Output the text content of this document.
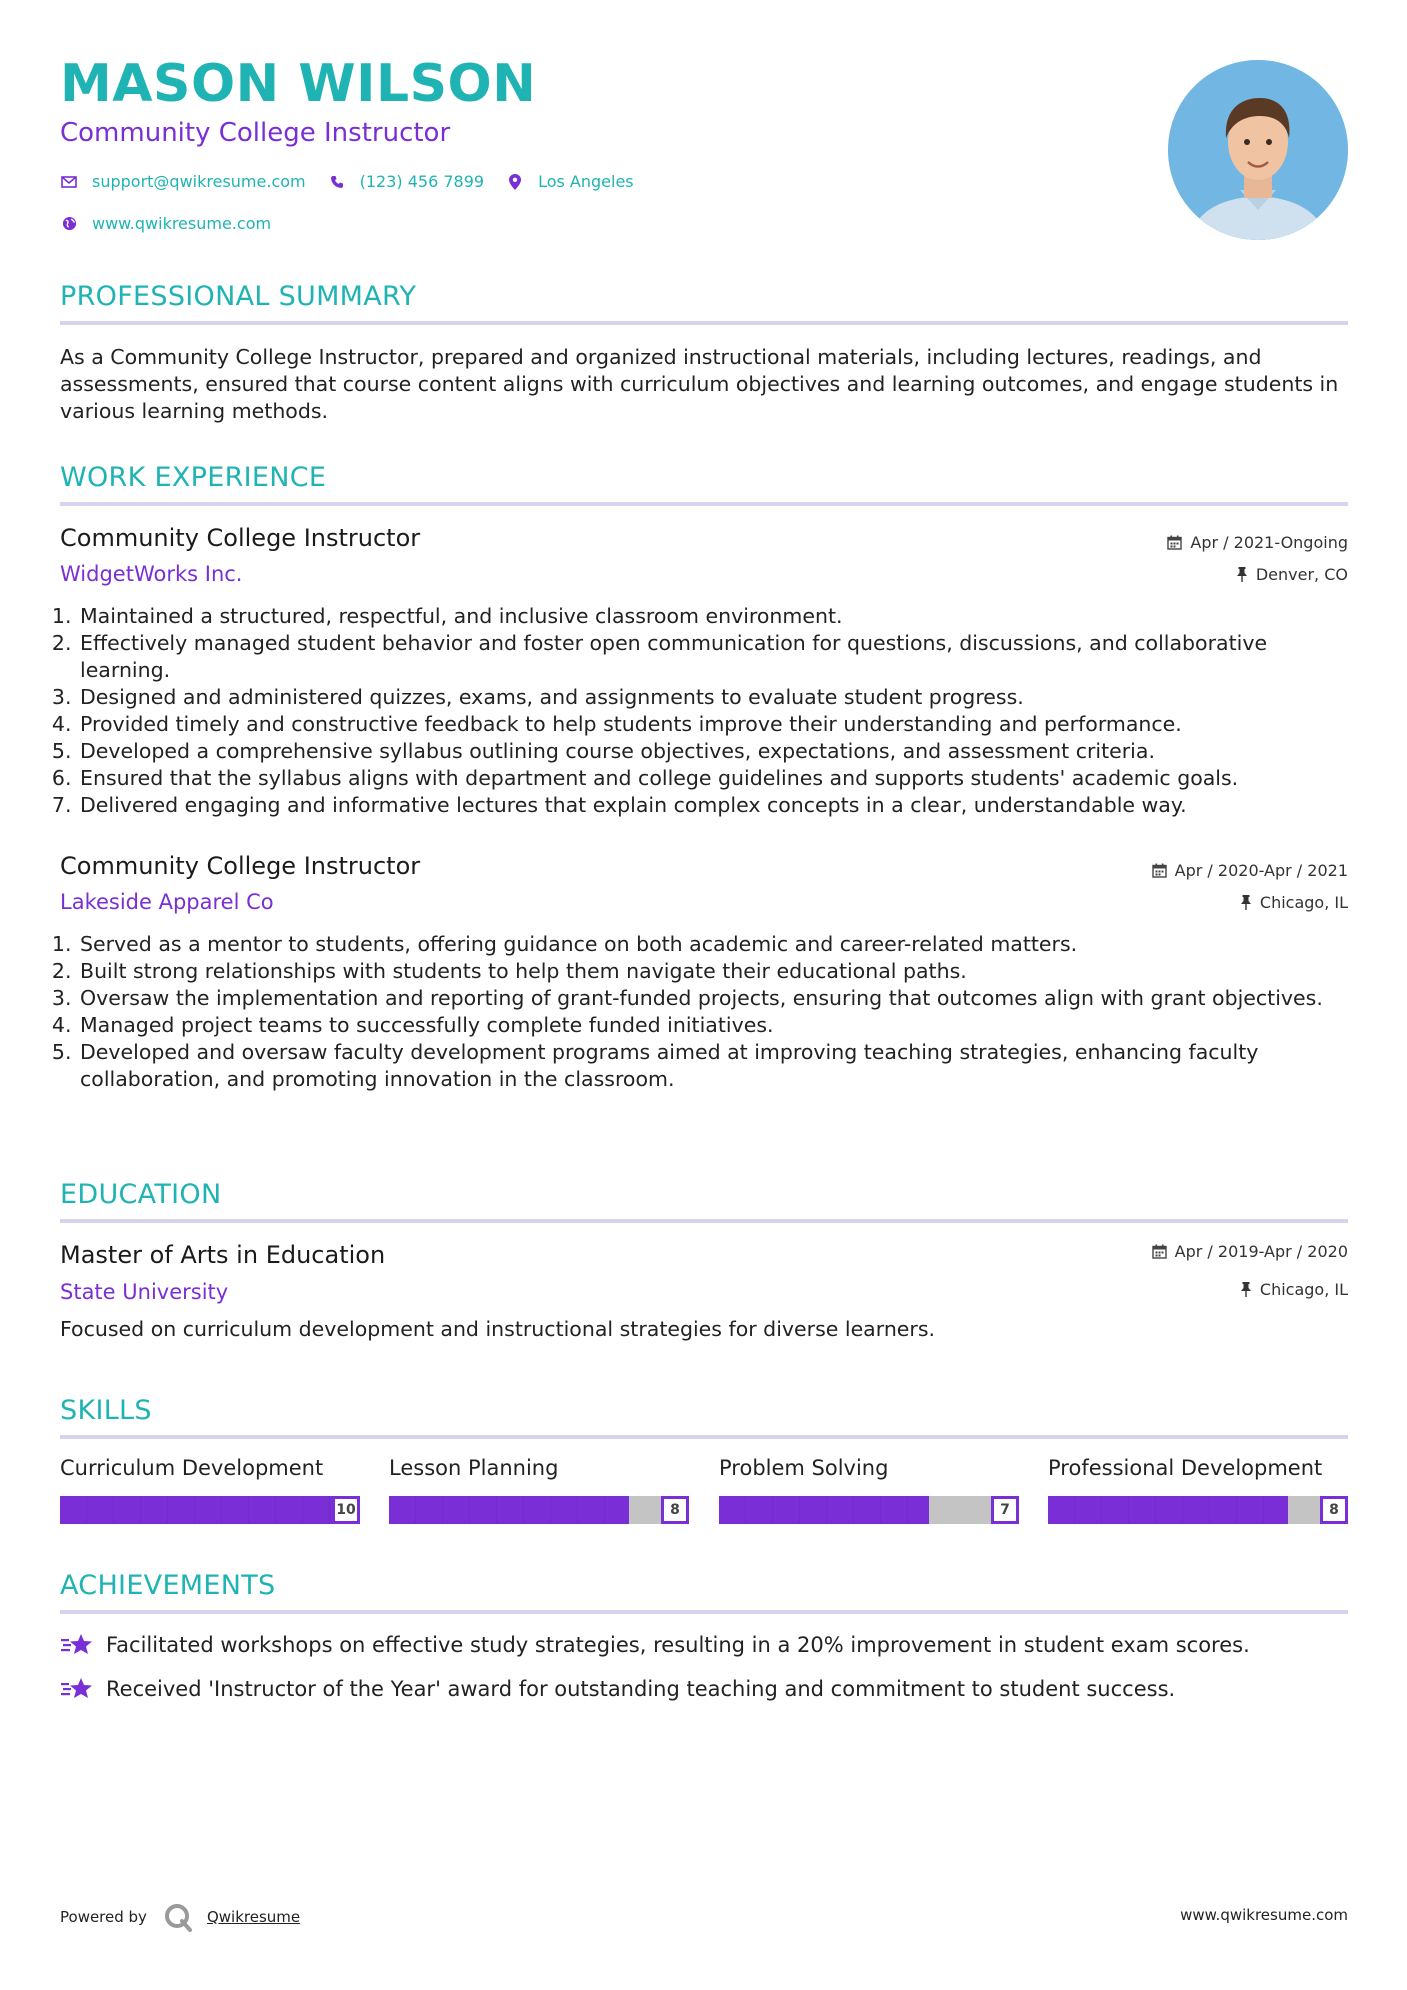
MASON WILSON
Community College Instructor
support@qwikresume.com	(123) 456 7899	Los Angeles
www.qwikresume.com
PROFESSIONAL SUMMARY
As a Community College Instructor, prepared and organized instructional materials, including lectures, readings, and assessments, ensured that course content aligns with curriculum objectives and learning outcomes, and engage students in various learning methods.
WORK EXPERIENCE
Community College Instructor
WidgetWorks Inc.
Apr / 2021-Ongoing
Denver, CO
1. Maintained a structured, respectful, and inclusive classroom environment.
2. Effectively managed student behavior and foster open communication for questions, discussions, and collaborative learning.
3. Designed and administered quizzes, exams, and assignments to evaluate student progress.
4. Provided timely and constructive feedback to help students improve their understanding and performance.
5. Developed a comprehensive syllabus outlining course objectives, expectations, and assessment criteria.
6. Ensured that the syllabus aligns with department and college guidelines and supports students' academic goals.
7. Delivered engaging and informative lectures that explain complex concepts in a clear, understandable way.
Community College Instructor
Lakeside Apparel Co
Apr / 2020-Apr / 2021
Chicago, IL
1. Served as a mentor to students, offering guidance on both academic and career-related matters.
2. Built strong relationships with students to help them navigate their educational paths.
3. Oversaw the implementation and reporting of grant-funded projects, ensuring that outcomes align with grant objectives.
4. Managed project teams to successfully complete funded initiatives.
5. Developed and oversaw faculty development programs aimed at improving teaching strategies, enhancing faculty collaboration, and promoting innovation in the classroom.
EDUCATION
Master of Arts in Education
State University
Apr / 2019-Apr / 2020
Chicago, IL
Focused on curriculum development and instructional strategies for diverse learners.
SKILLS
Curriculum Development
10
Lesson Planning
8
Problem Solving
7
Professional Development
8
ACHIEVEMENTS
Facilitated workshops on effective study strategies, resulting in a 20% improvement in student exam scores.
Received 'Instructor of the Year' award for outstanding teaching and commitment to student success.
Powered by	Qwikresume	www.qwikresume.com
